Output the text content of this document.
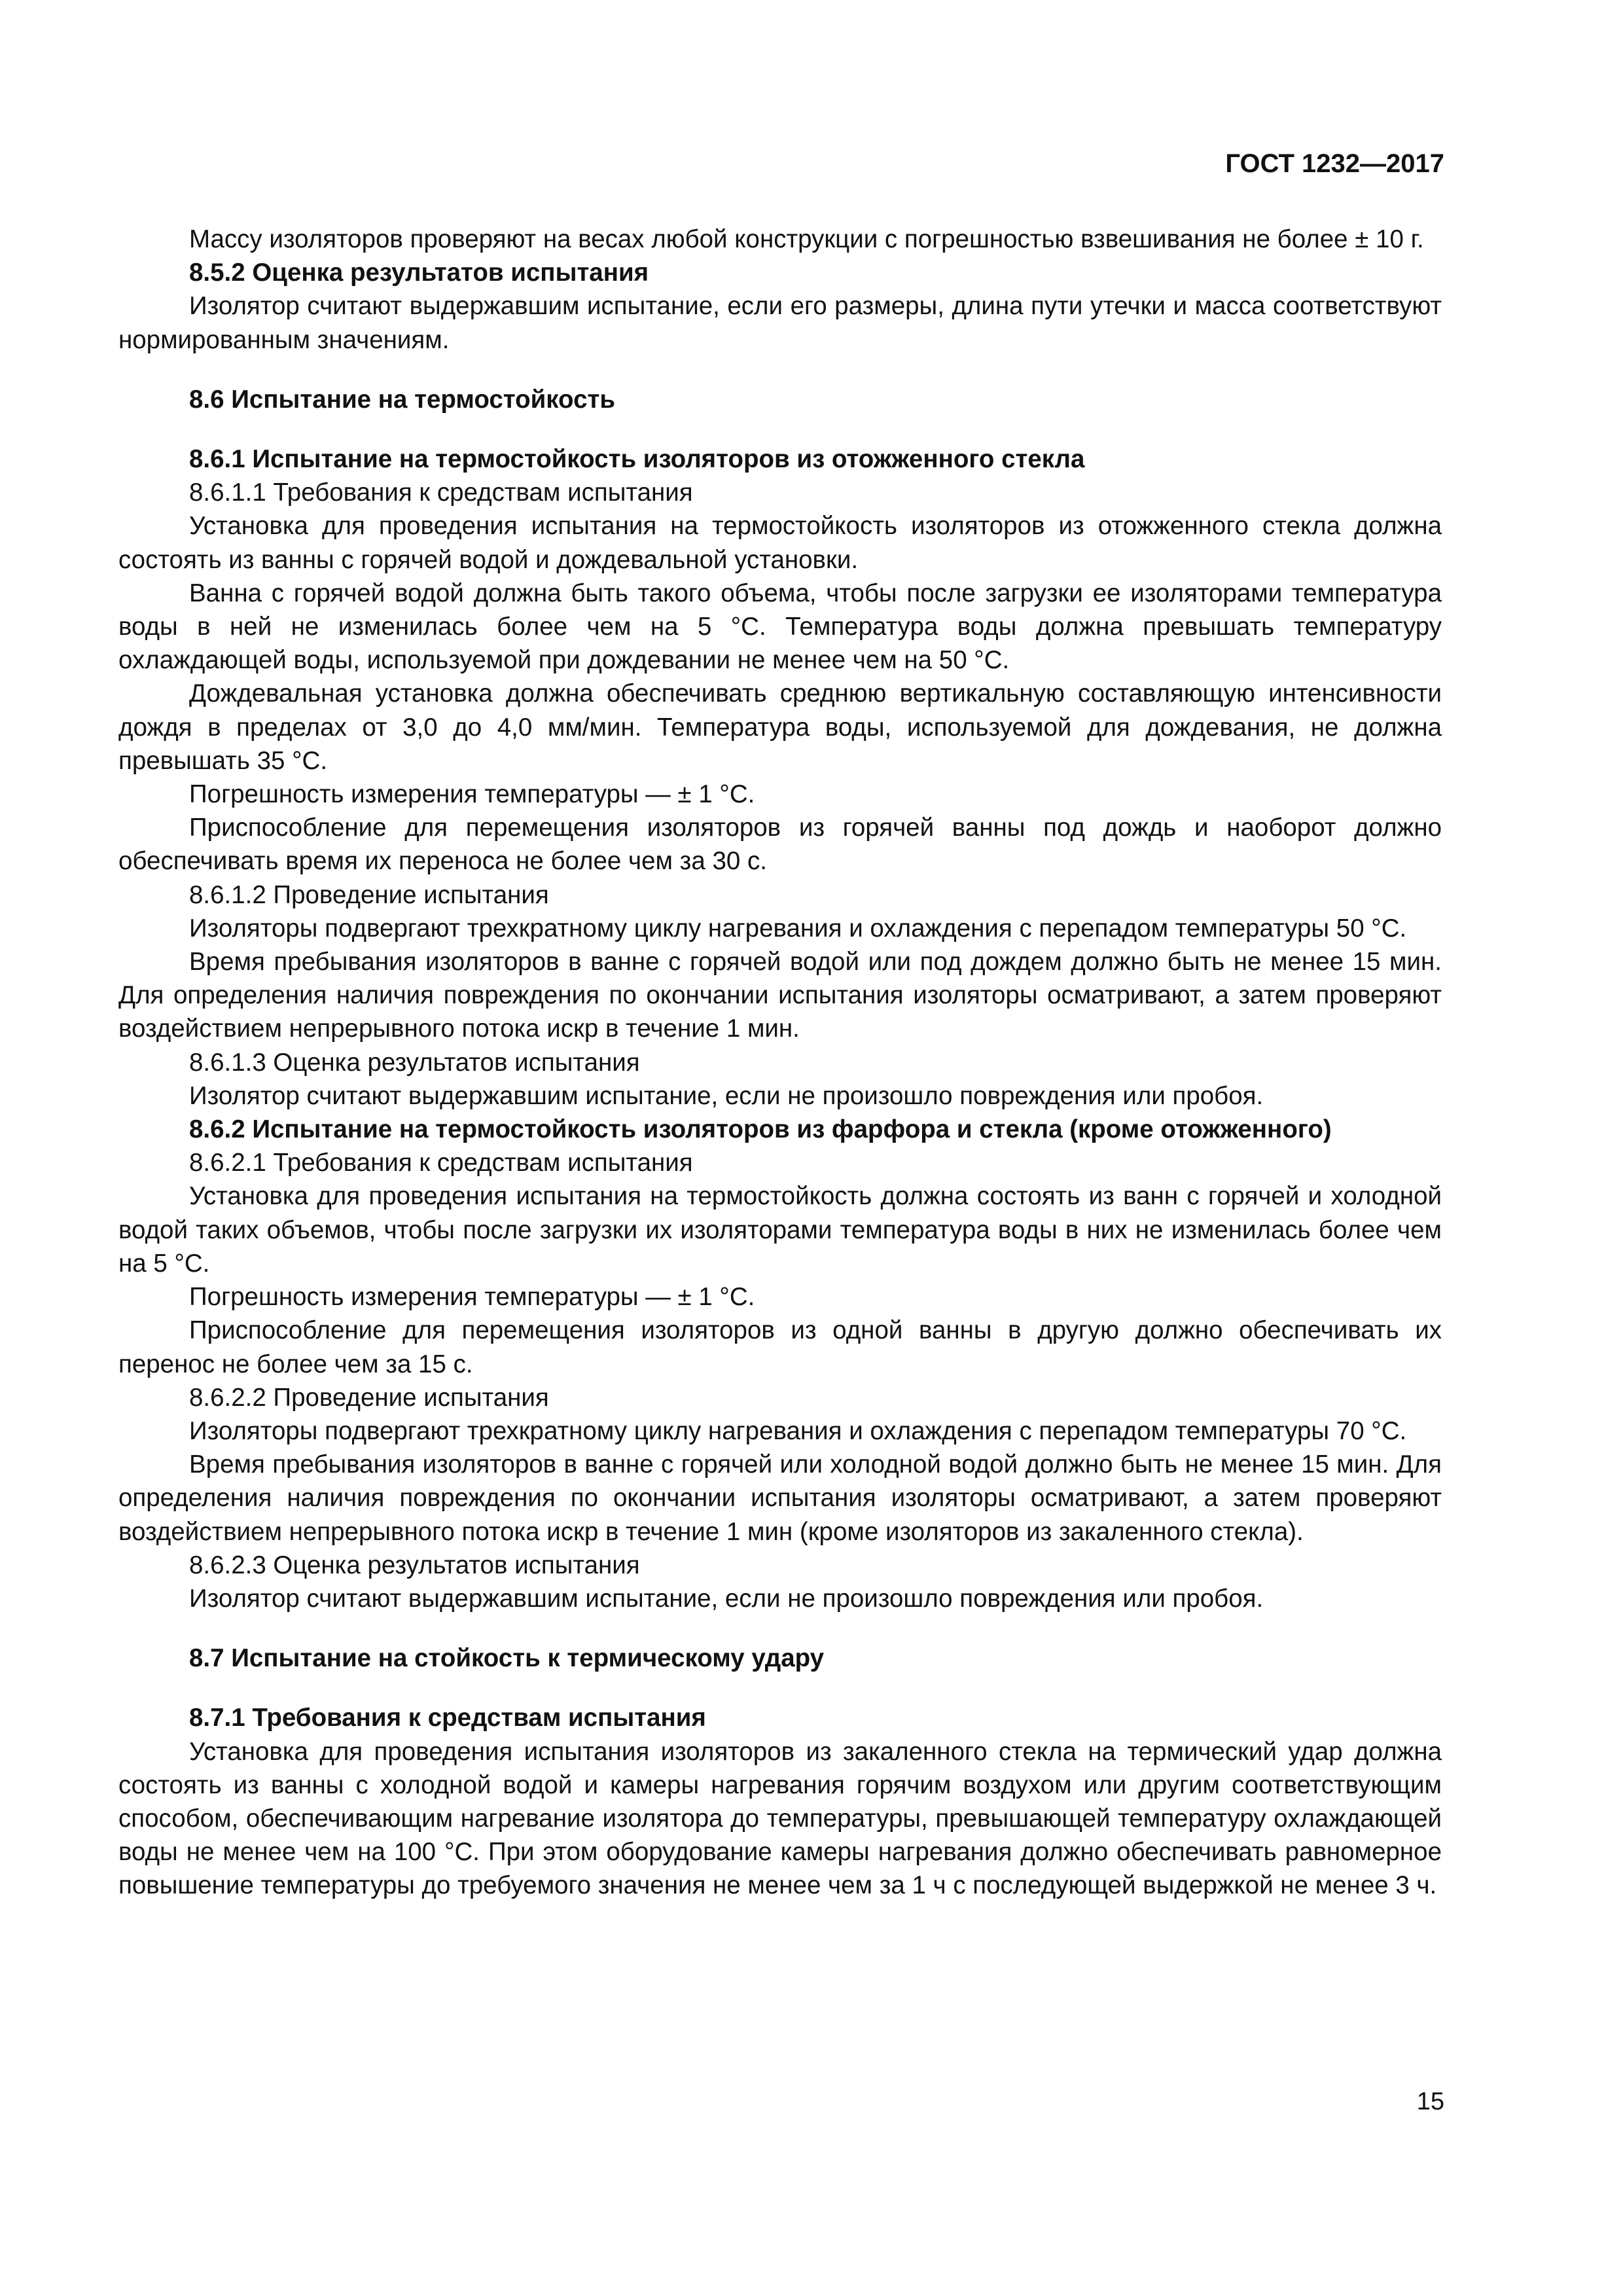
ГОСТ 1232—2017

Массу изоляторов проверяют на весах любой конструкции с погрешностью взвешивания не более ± 10 г.

8.5.2 Оценка результатов испытания

Изолятор считают выдержавшим испытание, если его размеры, длина пути утечки и масса соответствуют нормированным значениям.

8.6 Испытание на термостойкость

8.6.1 Испытание на термостойкость изоляторов из отожженного стекла

8.6.1.1 Требования к средствам испытания

Установка для проведения испытания на термостойкость изоляторов из отожженного стекла должна состоять из ванны с горячей водой и дождевальной установки.

Ванна с горячей водой должна быть такого объема, чтобы после загрузки ее изоляторами температура воды в ней не изменилась более чем на 5 °С. Температура воды должна превышать температуру охлаждающей воды, используемой при дождевании не менее чем на 50 °С.

Дождевальная установка должна обеспечивать среднюю вертикальную составляющую интенсивности дождя в пределах от 3,0 до 4,0 мм/мин. Температура воды, используемой для дождевания, не должна превышать 35 °С.

Погрешность измерения температуры — ± 1 °С.

Приспособление для перемещения изоляторов из горячей ванны под дождь и наоборот должно обеспечивать время их переноса не более чем за 30 с.

8.6.1.2 Проведение испытания

Изоляторы подвергают трехкратному циклу нагревания и охлаждения с перепадом температуры 50 °С.

Время пребывания изоляторов в ванне с горячей водой или под дождем должно быть не менее 15 мин. Для определения наличия повреждения по окончании испытания изоляторы осматривают, а затем проверяют воздействием непрерывного потока искр в течение 1 мин.

8.6.1.3 Оценка результатов испытания

Изолятор считают выдержавшим испытание, если не произошло повреждения или пробоя.

8.6.2 Испытание на термостойкость изоляторов из фарфора и стекла (кроме отожженного)

8.6.2.1 Требования к средствам испытания

Установка для проведения испытания на термостойкость должна состоять из ванн с горячей и холодной водой таких объемов, чтобы после загрузки их изоляторами температура воды в них не изменилась более чем на 5 °С.

Погрешность измерения температуры — ± 1 °С.

Приспособление для перемещения изоляторов из одной ванны в другую должно обеспечивать их перенос не более чем за 15 с.

8.6.2.2 Проведение испытания

Изоляторы подвергают трехкратному циклу нагревания и охлаждения с перепадом температуры 70 °С.

Время пребывания изоляторов в ванне с горячей или холодной водой должно быть не менее 15 мин. Для определения наличия повреждения по окончании испытания изоляторы осматривают, а затем проверяют воздействием непрерывного потока искр в течение 1 мин (кроме изоляторов из закаленного стекла).

8.6.2.3 Оценка результатов испытания

Изолятор считают выдержавшим испытание, если не произошло повреждения или пробоя.

8.7 Испытание на стойкость к термическому удару

8.7.1 Требования к средствам испытания

Установка для проведения испытания изоляторов из закаленного стекла на термический удар должна состоять из ванны с холодной водой и камеры нагревания горячим воздухом или другим соответствующим способом, обеспечивающим нагревание изолятора до температуры, превышающей температуру охлаждающей воды не менее чем на 100 °С. При этом оборудование камеры нагревания должно обеспечивать равномерное повышение температуры до требуемого значения не менее чем за 1 ч с последующей выдержкой не менее 3 ч.

15
